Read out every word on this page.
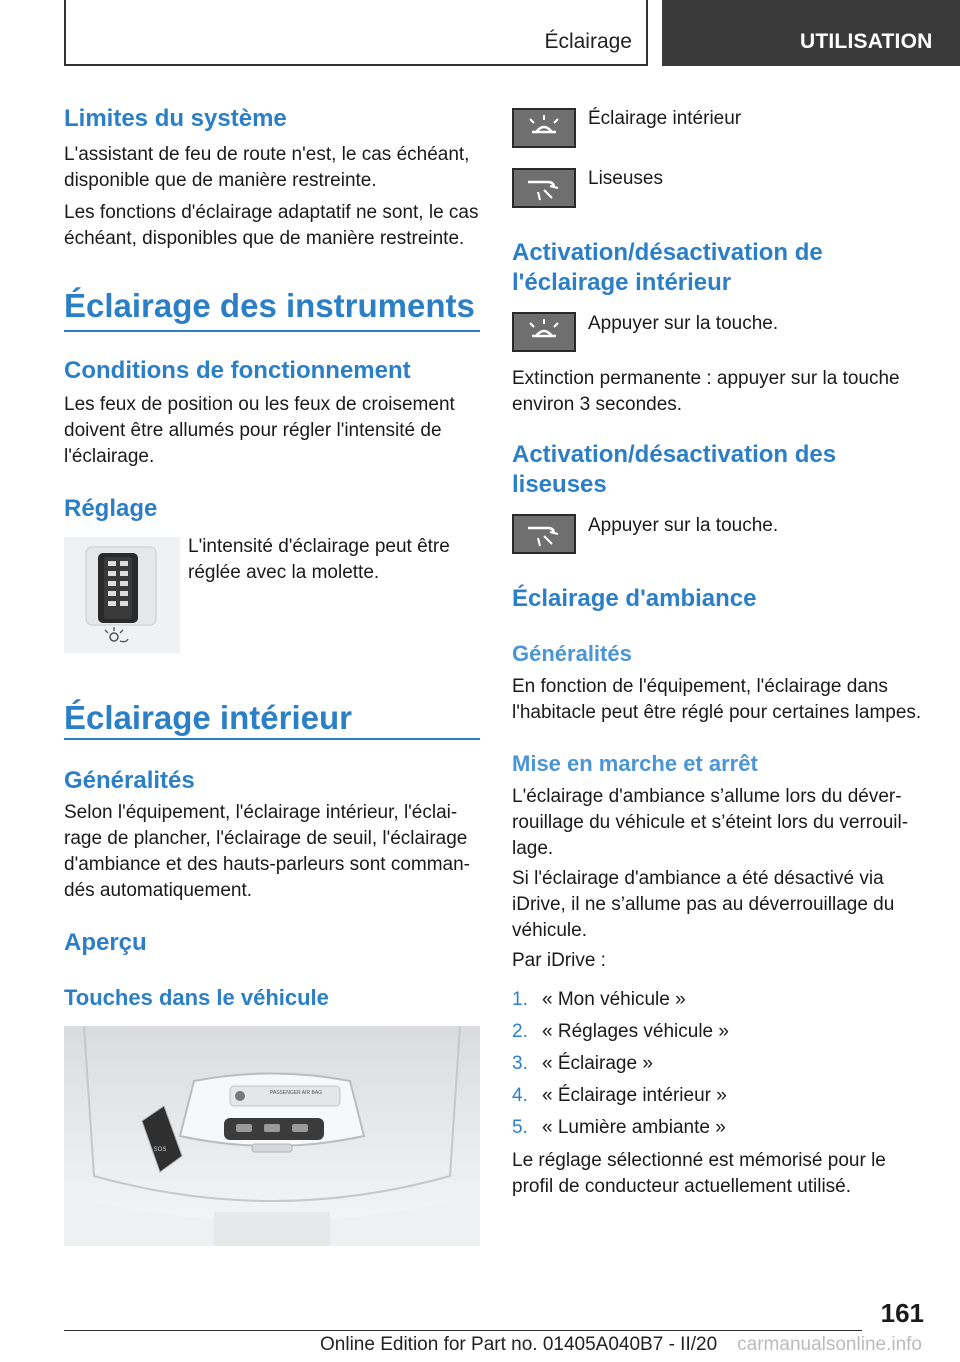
Éclairage	UTILISATION
Limites du système

L'assistant de feu de route n'est, le cas échéant, disponible que de manière restreinte.

Les fonctions d'éclairage adaptatif ne sont, le cas échéant, disponibles que de manière restreinte.

Éclairage des instruments
Conditions de fonctionnement

Les feux de position ou les feux de croisement doivent être allumés pour régler l'intensité de l'éclairage.

Réglage

L'intensité d'éclairage peut être réglée avec la molette.

Éclairage intérieur
Généralités

Selon l'équipement, l'éclairage intérieur, l'éclairage de plancher, l'éclairage de seuil, l'éclairage d'ambiance et des hauts-parleurs sont commandés automatiquement.

Aperçu
Touches dans le véhicule
PASSENGER AIR BAG
SOS
Éclairage intérieur
Liseuses
Activation/désactivation de l'éclairage intérieur
Appuyer sur la touche.

Extinction permanente : appuyer sur la touche environ 3 secondes.

Activation/désactivation des liseuses
Appuyer sur la touche.
Éclairage d'ambiance
Généralités

En fonction de l'équipement, l'éclairage dans l'habitacle peut être réglé pour certaines lampes.

Mise en marche et arrêt

L'éclairage d'ambiance s’allume lors du déverrouillage du véhicule et s’éteint lors du verrouillage.

Si l'éclairage d'ambiance a été désactivé via iDrive, il ne s’allume pas au déverrouillage du véhicule.

Par iDrive :

1. « Mon véhicule »
2. « Réglages véhicule »
3. « Éclairage »
4. « Éclairage intérieur »
5. « Lumière ambiante »

Le réglage sélectionné est mémorisé pour le profil de conducteur actuellement utilisé.

161
Online Edition for Part no. 01405A040B7 - II/20 carmanualsonline.info
